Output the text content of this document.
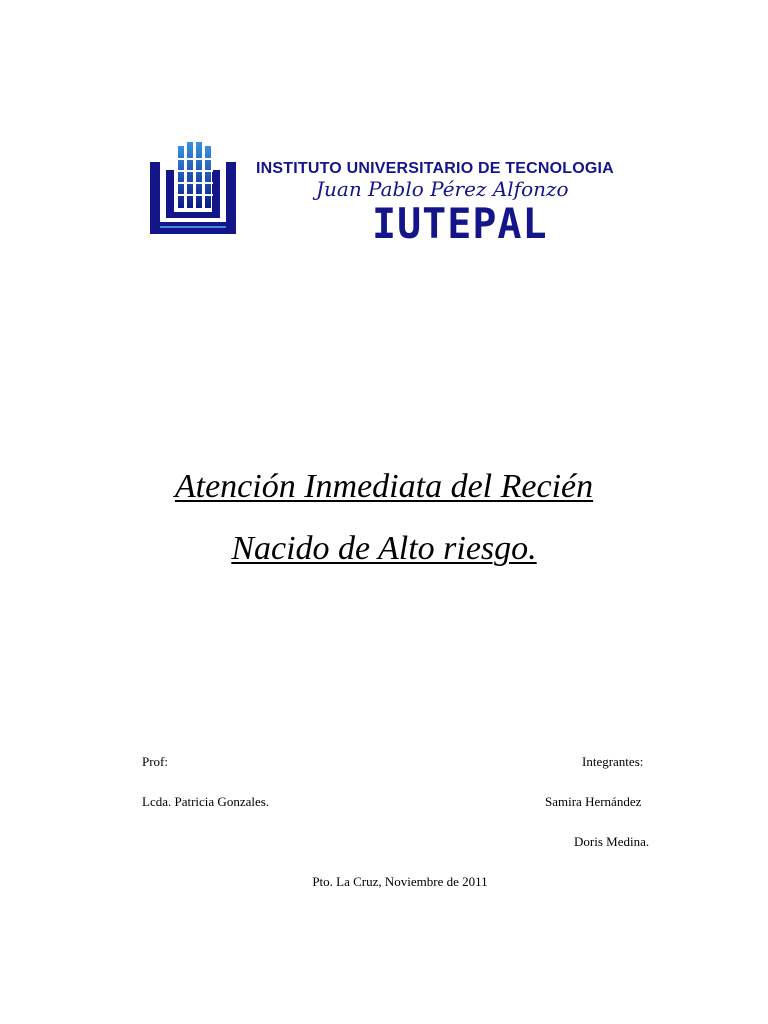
INSTITUTO UNIVERSITARIO DE TECNOLOGIA
Juan Pablo Pérez Alfonzo
IUTEPAL
Atención Inmediata del Recién
Nacido de Alto riesgo.
Prof:
Lcda. Patricia Gonzales.
Integrantes:
Samira Hernández
Doris Medina.
Pto. La Cruz, Noviembre de 2011
